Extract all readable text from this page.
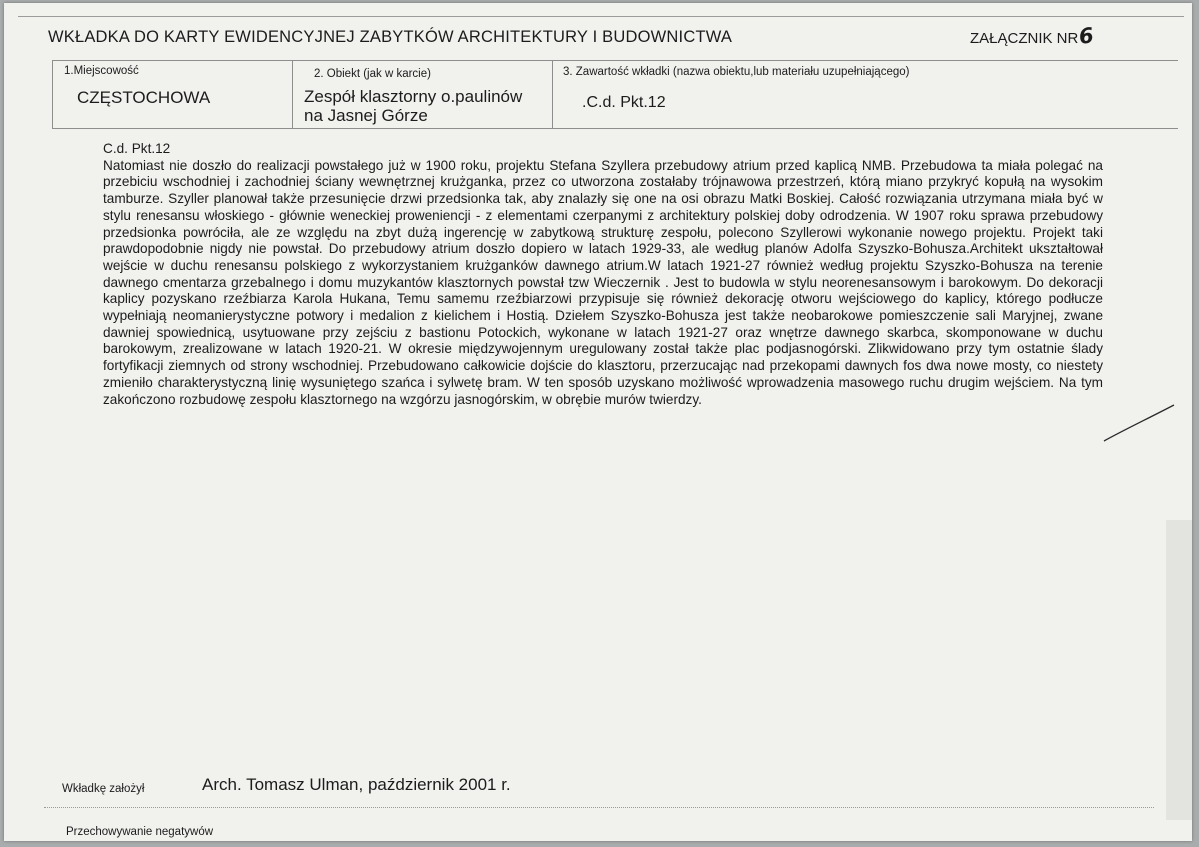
WKŁADKA DO KARTY EWIDENCYJNEJ ZABYTKÓW ARCHITEKTURY I BUDOWNICTWA	ZAŁĄCZNIK NR6
1.Miejscowość
CZĘSTOCHOWA
2. Obiekt (jak w karcie)
Zespół klasztorny o.paulinów
na Jasnej Górze
3. Zawartość wkładki (nazwa obiektu,lub materiału uzupełniającego)
.C.d. Pkt.12

C.d. Pkt.12

Natomiast nie doszło do realizacji powstałego już w 1900 roku, projektu Stefana Szyllera przebudowy atrium przed kaplicą NMB. Przebudowa ta miała polegać na przebiciu wschodniej i zachodniej ściany wewnętrznej krużganka, przez co utworzona zostałaby trójnawowa przestrzeń, którą miano przykryć kopułą na wysokim tamburze. Szyller planował także przesunięcie drzwi przedsionka tak, aby znalazły się one na osi obrazu Matki Boskiej. Całość rozwiązania utrzymana miała być w stylu renesansu włoskiego - głównie weneckiej proweniencji - z elementami czerpanymi z architektury polskiej doby odrodzenia. W 1907 roku sprawa przebudowy przedsionka powróciła, ale ze względu na zbyt dużą ingerencję w zabytkową strukturę zespołu, polecono Szyllerowi wykonanie nowego projektu. Projekt taki prawdopodobnie nigdy nie powstał. Do przebudowy atrium doszło dopiero w latach 1929-33, ale według planów Adolfa Szyszko-Bohusza.Architekt ukształtował wejście w duchu renesansu polskiego z wykorzystaniem krużganków dawnego atrium.W latach 1921-27 również według projektu Szyszko-Bohusza na terenie dawnego cmentarza grzebalnego i domu muzykantów klasztornych powstał tzw Wieczernik . Jest to budowla w stylu neorenesansowym i barokowym. Do dekoracji kaplicy pozyskano rzeźbiarza Karola Hukana, Temu samemu rzeźbiarzowi przypisuje się również dekorację otworu wejściowego do kaplicy, którego podłucze wypełniają neomanierystyczne potwory i medalion z kielichem i Hostią. Dziełem Szyszko-Bohusza jest także neobarokowe pomieszczenie sali Maryjnej, zwane dawniej spowiednicą, usytuowane przy zejściu z bastionu Potockich, wykonane w latach 1921-27 oraz wnętrze dawnego skarbca, skomponowane w duchu barokowym, zrealizowane w latach 1920-21. W okresie międzywojennym uregulowany został także plac podjasnogórski. Zlikwidowano przy tym ostatnie ślady fortyfikacji ziemnych od strony wschodniej. Przebudowano całkowicie dojście do klasztoru, przerzucając nad przekopami dawnych fos dwa nowe mosty, co niestety zmieniło charakterystyczną linię wysuniętego szańca i sylwetę bram. W ten sposób uzyskano możliwość wprowadzenia masowego ruchu drugim wejściem. Na tym zakończono rozbudowę zespołu klasztornego na wzgórzu jasnogórskim, w obrębie murów twierdzy.

Wkładkę założył	Arch. Tomasz Ulman, październik 2001 r.
Przechowywanie negatywów
